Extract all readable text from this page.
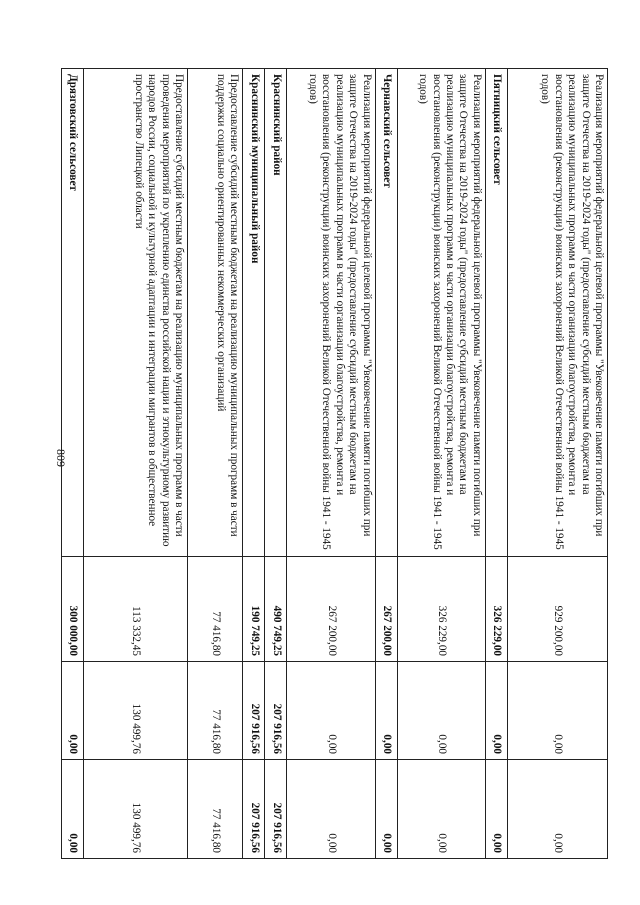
809	Реализация мероприятий федеральной целевой программы "Увековечение памяти погибших при защите Отечества на 2019-2024 годы" (предоставление субсидий местным бюджетам на реализацию муниципальных программ в части организации благоустройства, ремонта и восстановления (реконструкции) воинских захоронений Великой Отечественной войны 1941 - 1945 годов)	929 200,00	0,00	0,00
Пятницкий сельсовет	326 229,00	0,00	0,00
Реализация мероприятий федеральной целевой программы "Увековечение памяти погибших при защите Отечества на 2019-2024 годы" (предоставление субсидий местным бюджетам на реализацию муниципальных программ в части организации благоустройства, ремонта и восстановления (реконструкции) воинских захоронений Великой Отечественной войны 1941 - 1945 годов)	326 229,00	0,00	0,00
Чернавский сельсовет	267 200,00	0,00	0,00
Реализация мероприятий федеральной целевой программы "Увековечение памяти погибших при защите Отечества на 2019-2024 годы" (предоставление субсидий местным бюджетам на реализацию муниципальных программ в части организации благоустройства, ремонта и восстановления (реконструкции) воинских захоронений Великой Отечественной войны 1941 - 1945 годов)	267 200,00	0,00	0,00
Краснинский район	490 749,25	207 916,56	207 916,56
Краснинский муниципальный район	190 749,25	207 916,56	207 916,56
Предоставление субсидий местным бюджетам на реализацию муниципальных программ в части поддержки социально ориентированных некоммерческих организаций	77 416,80	77 416,80	77 416,80
Предоставление субсидий местным бюджетам на реализацию муниципальных программ в части проведения мероприятий по укреплению единства российской нации и этнокультурному развитию народов России, социальной и культурной адаптации и интеграции мигрантов в общественное пространство Липецкой области	113 332,45	130 499,76	130 499,76
Дрязговский сельсовет	300 000,00	0,00	0,00
